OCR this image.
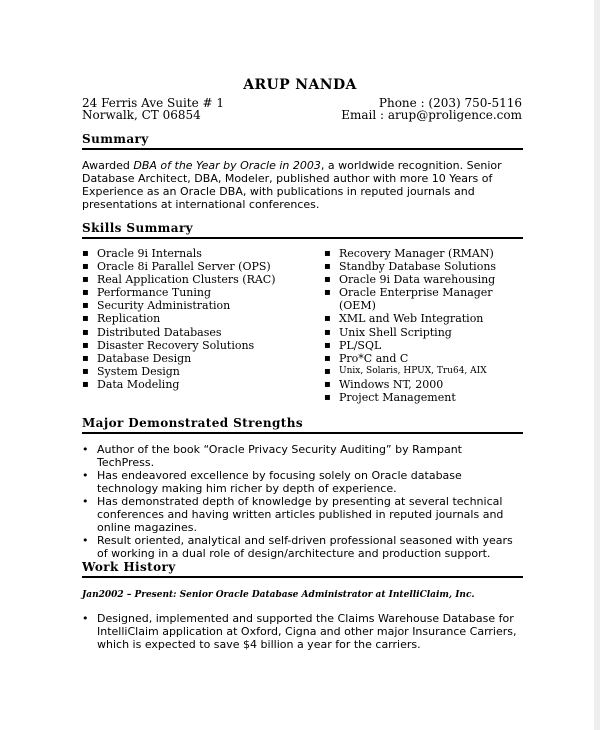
ARUP NANDA
24 Ferris Ave Suite # 1	Phone : (203) 750-5116
Norwalk, CT 06854	Email : arup@proligence.com
Summary
Awarded DBA of the Year by Oracle in 2003, a worldwide recognition. Senior Database Architect, DBA, Modeler, published author with more 10 Years of Experience as an Oracle DBA, with publications in reputed journals and presentations at international conferences.
Skills Summary
▪ Oracle 9i Internals
▪ Oracle 8i Parallel Server (OPS)
▪ Real Application Clusters (RAC)
▪ Performance Tuning
▪ Security Administration
▪ Replication
▪ Distributed Databases
▪ Disaster Recovery Solutions
▪ Database Design
▪ System Design
▪ Data Modeling
▪ Recovery Manager (RMAN)
▪ Standby Database Solutions
▪ Oracle 9i Data warehousing
▪ Oracle Enterprise Manager
(OEM)
▪ XML and Web Integration
▪ Unix Shell Scripting
▪ PL/SQL
▪ Pro*C and C
▪ Unix, Solaris, HPUX, Tru64, AIX
▪ Windows NT, 2000
▪ Project Management
Major Demonstrated Strengths
• Author of the book “Oracle Privacy Security Auditing” by Rampant TechPress.
• Has endeavored excellence by focusing solely on Oracle database technology making him richer by depth of experience.
• Has demonstrated depth of knowledge by presenting at several technical conferences and having written articles published in reputed journals and online magazines.
• Result oriented, analytical and self-driven professional seasoned with years of working in a dual role of design/architecture and production support.
Work History
Jan2002 – Present: Senior Oracle Database Administrator at IntelliClaim, Inc.
• Designed, implemented and supported the Claims Warehouse Database for IntelliClaim application at Oxford, Cigna and other major Insurance Carriers, which is expected to save $4 billion a year for the carriers.
